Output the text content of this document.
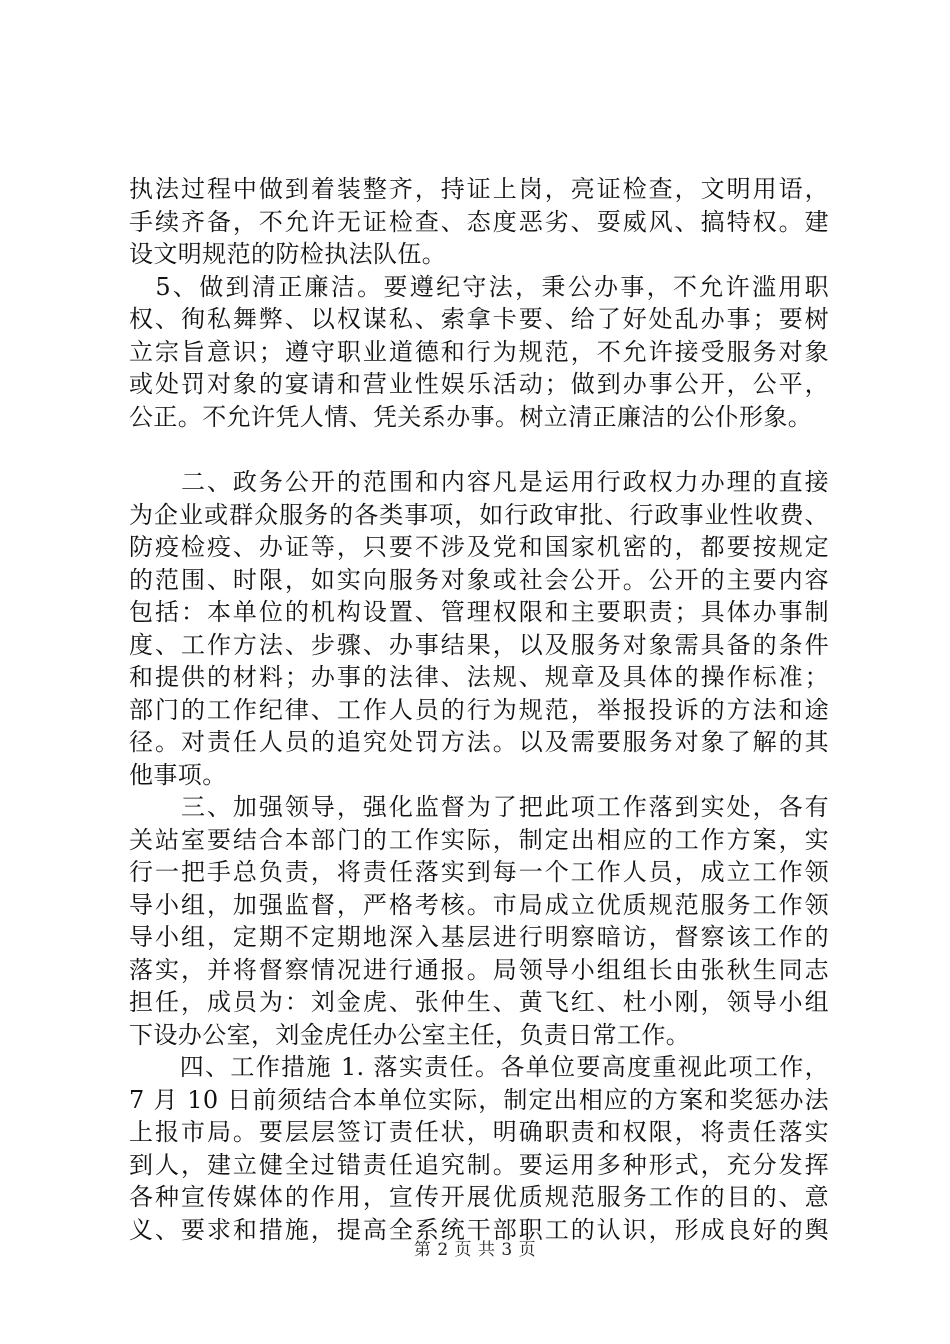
执法过程中做到着装整齐，持证上岗，亮证检查，文明用语，
手续齐备，不允许无证检查、态度恶劣、耍威风、搞特权。建
设文明规范的防检执法队伍。

　5、做到清正廉洁。要遵纪守法，秉公办事，不允许滥用职
权、徇私舞弊、以权谋私、索拿卡要、给了好处乱办事；要树
立宗旨意识；遵守职业道德和行为规范，不允许接受服务对象
或处罚对象的宴请和营业性娱乐活动；做到办事公开，公平，
公正。不允许凭人情、凭关系办事。树立清正廉洁的公仆形象。

　　二、政务公开的范围和内容凡是运用行政权力办理的直接
为企业或群众服务的各类事项，如行政审批、行政事业性收费、
防疫检疫、办证等，只要不涉及党和国家机密的，都要按规定
的范围、时限，如实向服务对象或社会公开。公开的主要内容
包括：本单位的机构设置、管理权限和主要职责；具体办事制
度、工作方法、步骤、办事结果，以及服务对象需具备的条件
和提供的材料；办事的法律、法规、规章及具体的操作标准；
部门的工作纪律、工作人员的行为规范，举报投诉的方法和途
径。对责任人员的追究处罚方法。以及需要服务对象了解的其
他事项。

　　三、加强领导，强化监督为了把此项工作落到实处，各有
关站室要结合本部门的工作实际，制定出相应的工作方案，实
行一把手总负责，将责任落实到每一个工作人员，成立工作领
导小组，加强监督，严格考核。市局成立优质规范服务工作领
导小组，定期不定期地深入基层进行明察暗访，督察该工作的
落实，并将督察情况进行通报。局领导小组组长由张秋生同志
担任，成员为：刘金虎、张仲生、黄飞红、杜小刚，领导小组
下设办公室，刘金虎任办公室主任，负责日常工作。

　　四、工作措施 1. 落实责任。各单位要高度重视此项工作，
7 月 10 日前须结合本单位实际，制定出相应的方案和奖惩办法
上报市局。要层层签订责任状，明确职责和权限，将责任落实
到人，建立健全过错责任追究制。要运用多种形式，充分发挥
各种宣传媒体的作用，宣传开展优质规范服务工作的目的、意
义、要求和措施，提高全系统干部职工的认识，形成良好的舆

第 2 页 共 3 页
